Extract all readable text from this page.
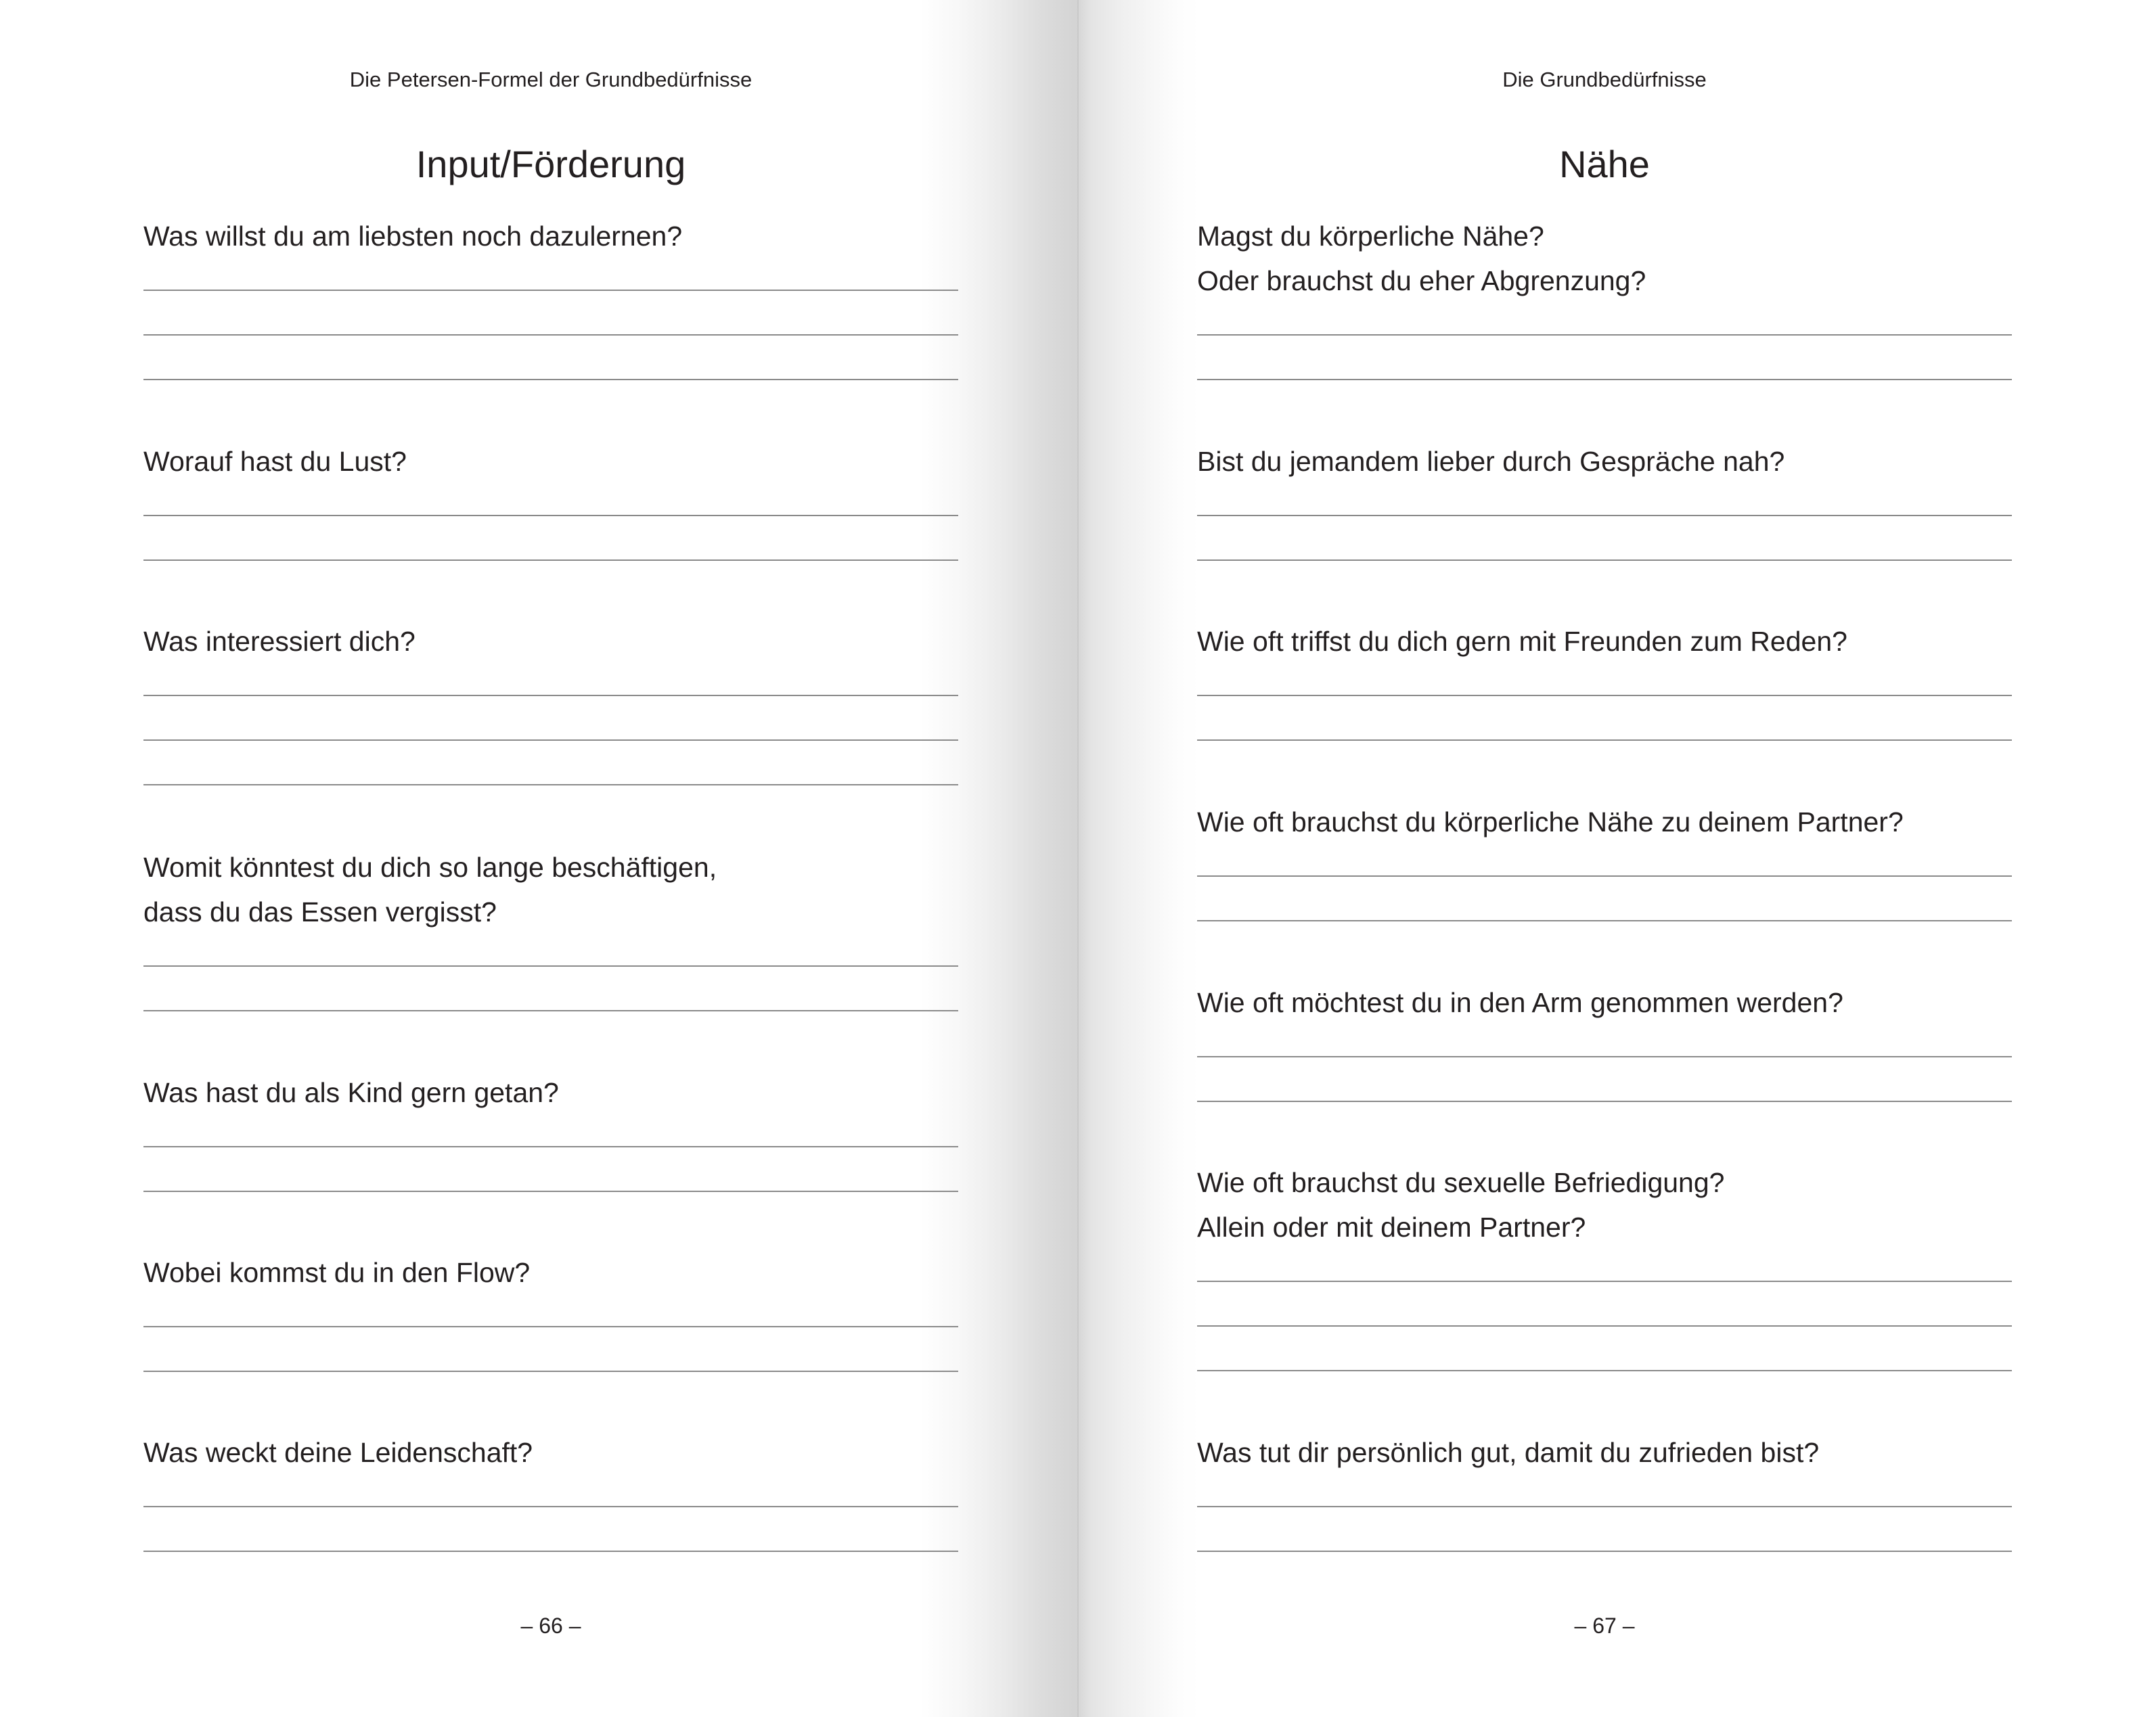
Die Petersen-Formel der Grundbedürfnisse
Input/Förderung
Was willst du am liebsten noch dazulernen?
Worauf hast du Lust?
Was interessiert dich?
Womit könntest du dich so lange beschäftigen,
dass du das Essen vergisst?
Was hast du als Kind gern getan?
Wobei kommst du in den Flow?
Was weckt deine Leidenschaft?
– 66 –
Die Grundbedürfnisse
Nähe
Magst du körperliche Nähe?
Oder brauchst du eher Abgrenzung?
Bist du jemandem lieber durch Gespräche nah?
Wie oft triffst du dich gern mit Freunden zum Reden?
Wie oft brauchst du körperliche Nähe zu deinem Partner?
Wie oft möchtest du in den Arm genommen werden?
Wie oft brauchst du sexuelle Befriedigung?
Allein oder mit deinem Partner?
Was tut dir persönlich gut, damit du zufrieden bist?
– 67 –
